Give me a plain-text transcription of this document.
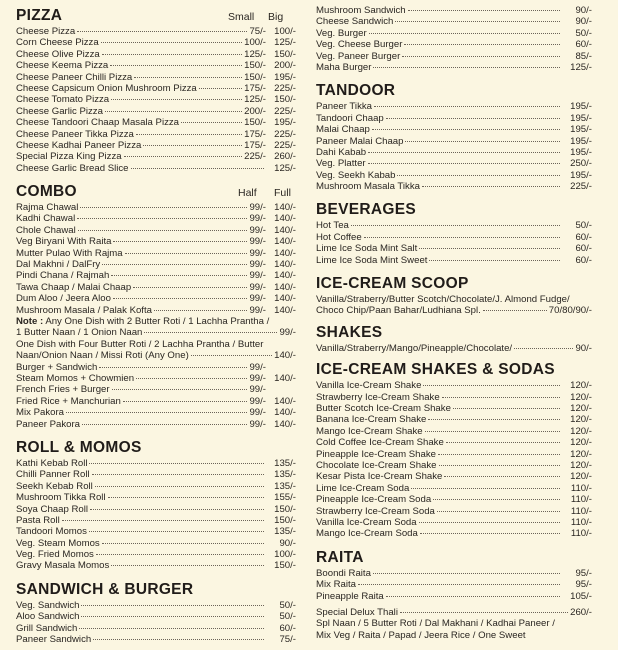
PIZZA	Small Big
Cheese Pizza	75/- 100/-
Corn Cheese Pizza	100/- 125/-
Cheese Olive Pizza	125/- 150/-
Cheese Keema Pizza	150/- 200/-
Cheese Paneer Chilli Pizza	150/- 195/-
Cheese Capsicum Onion Mushroom Pizza	175/- 225/-
Cheese Tomato Pizza	125/- 150/-
Cheese Garlic Pizza	200/- 225/-
Cheese Tandoori Chaap Masala Pizza	150/- 195/-
Cheese Paneer Tikka Pizza	175/- 225/-
Cheese Kadhai Paneer Pizza	175/- 225/-
Special Pizza King Pizza	225/- 260/-
Cheese Garlic Bread Slice	125/-
COMBO	Half Full
Rajma Chawal	99/- 140/-
Kadhi Chawal	99/- 140/-
Chole Chawal	99/- 140/-
Veg Biryani With Raita	99/- 140/-
Mutter Pulao With Rajma	99/- 140/-
Dal Makhni / DalFry	99/- 140/-
Pindi Chana / Rajmah	99/- 140/-
Tawa Chaap / Malai Chaap	99/- 140/-
Dum Aloo / Jeera Aloo	99/- 140/-
Mushroom Masala / Palak Kofta	99/- 140/-
Note : Any One Dish with 2 Butter Roti / 1 Lachha Prantha /
1 Butter Naan / 1 Onion Naan	99/-
One Dish with Four Butter Roti / 2 Lachha Prantha / Butter
Naan/Onion Naan / Missi Roti (Any One)	140/-
Burger + Sandwich	99/-
Steam Momos + Chowmien	99/- 140/-
French Fries + Burger	99/-
Fried Rice + Manchurian	99/- 140/-
Mix Pakora	99/- 140/-
Paneer Pakora	99/- 140/-
ROLL & MOMOS
Kathi Kebab Roll	135/-
Chilli Panner Roll	135/-
Seekh Kebab Roll	135/-
Mushroom Tikka Roll	155/-
Soya Chaap Roll	150/-
Pasta Roll	150/-
Tandoori Momos	135/-
Veg. Steam Momos	90/-
Veg. Fried Momos	100/-
Gravy Masala Momos	150/-
SANDWICH & BURGER
Veg. Sandwich	50/-
Aloo Sandwich	50/-
Grill Sandwich	60/-
Paneer Sandwich	75/-
Mushroom Sandwich	90/-
Cheese Sandwich	90/-
Veg. Burger	50/-
Veg. Cheese Burger	60/-
Veg. Paneer Burger	85/-
Maha Burger	125/-
TANDOOR
Paneer Tikka	195/-
Tandoori Chaap	195/-
Malai Chaap	195/-
Paneer Malai Chaap	195/-
Dahi Kabab	195/-
Veg. Platter	250/-
Veg. Seekh Kabab	195/-
Mushroom Masala Tikka	225/-
BEVERAGES
Hot Tea	50/-
Hot Coffee	60/-
Lime Ice Soda Mint Salt	60/-
Lime Ice Soda Mint Sweet	60/-
ICE-CREAM SCOOP
Vanilla/Straberry/Butter Scotch/Chocolate/J. Almond Fudge/
Choco Chip/Paan Bahar/Ludhiana Spl.	70/80/90/-
SHAKES
Vanilla/Straberry/Mango/Pineapple/Chocolate/	90/-
ICE-CREAM SHAKES & SODAS
Vanilla Ice-Cream Shake	120/-
Strawberry Ice-Cream Shake	120/-
Butter Scotch Ice-Cream Shake	120/-
Banana Ice-Cream Shake	120/-
Mango Ice-Cream Shake	120/-
Cold Coffee Ice-Cream Shake	120/-
Pineapple Ice-Cream Shake	120/-
Chocolate Ice-Cream Shake	120/-
Kesar Pista Ice-Cream Shake	120/-
Lime Ice-Cream Soda	110/-
Pineapple Ice-Cream Soda	110/-
Strawberry Ice-Cream Soda	110/-
Vanilla Ice-Cream Soda	110/-
Mango Ice-Cream Soda	110/-
RAITA
Boondi Raita	95/-
Mix Raita	95/-
Pineapple Raita	105/-
Special Delux Thali	260/-
Spl Naan / 5 Butter Roti / Dal Makhani / Kadhai Paneer /
Mix Veg / Raita / Papad / Jeera Rice / One Sweet
